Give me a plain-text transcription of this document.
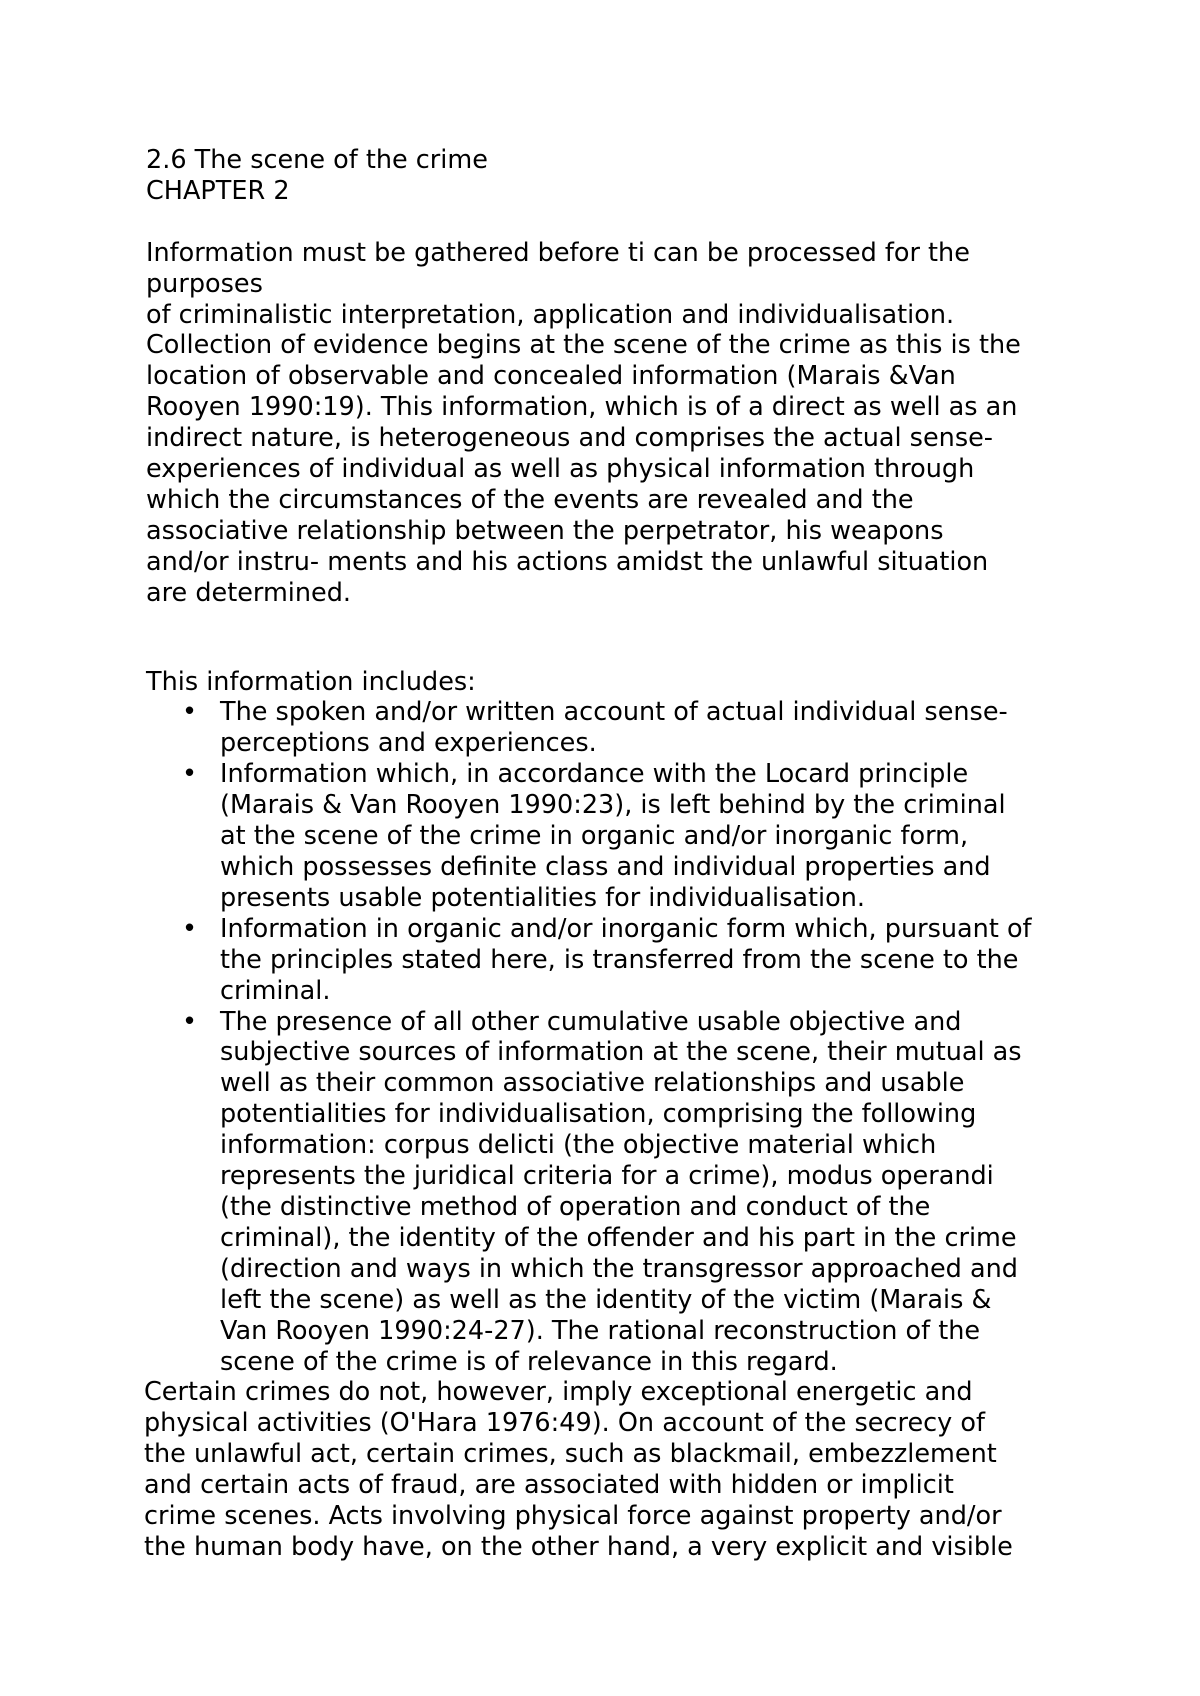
2.6 The scene of the crime
CHAPTER 2
Information must be gathered before ti can be processed for the
purposes
of criminalistic interpretation, application and individualisation.
Collection of evidence begins at the scene of the crime as this is the
location of observable and concealed information (Marais &Van
Rooyen 1990:19). This information, which is of a direct as well as an
indirect nature, is heterogeneous and comprises the actual sense-
experiences of individual as well as physical information through
which the circumstances of the events are revealed and the
associative relationship between the perpetrator, his weapons
and/or instru- ments and his actions amidst the unlawful situation
are determined.
This information includes:
• The spoken and/or written account of actual individual sense-
perceptions and experiences.
• Information which, in accordance with the Locard principle
(Marais & Van Rooyen 1990:23), is left behind by the criminal
at the scene of the crime in organic and/or inorganic form,
which possesses definite class and individual properties and
presents usable potentialities for individualisation.
• Information in organic and/or inorganic form which, pursuant of
the principles stated here, is transferred from the scene to the
criminal.
• The presence of all other cumulative usable objective and
subjective sources of information at the scene, their mutual as
well as their common associative relationships and usable
potentialities for individualisation, comprising the following
information: corpus delicti (the objective material which
represents the juridical criteria for a crime), modus operandi
(the distinctive method of operation and conduct of the
criminal), the identity of the offender and his part in the crime
(direction and ways in which the transgressor approached and
left the scene) as well as the identity of the victim (Marais &
Van Rooyen 1990:24-27). The rational reconstruction of the
scene of the crime is of relevance in this regard.
Certain crimes do not, however, imply exceptional energetic and
physical activities (O'Hara 1976:49). On account of the secrecy of
the unlawful act, certain crimes, such as blackmail, embezzlement
and certain acts of fraud, are associated with hidden or implicit
crime scenes. Acts involving physical force against property and/or
the human body have, on the other hand, a very explicit and visible
